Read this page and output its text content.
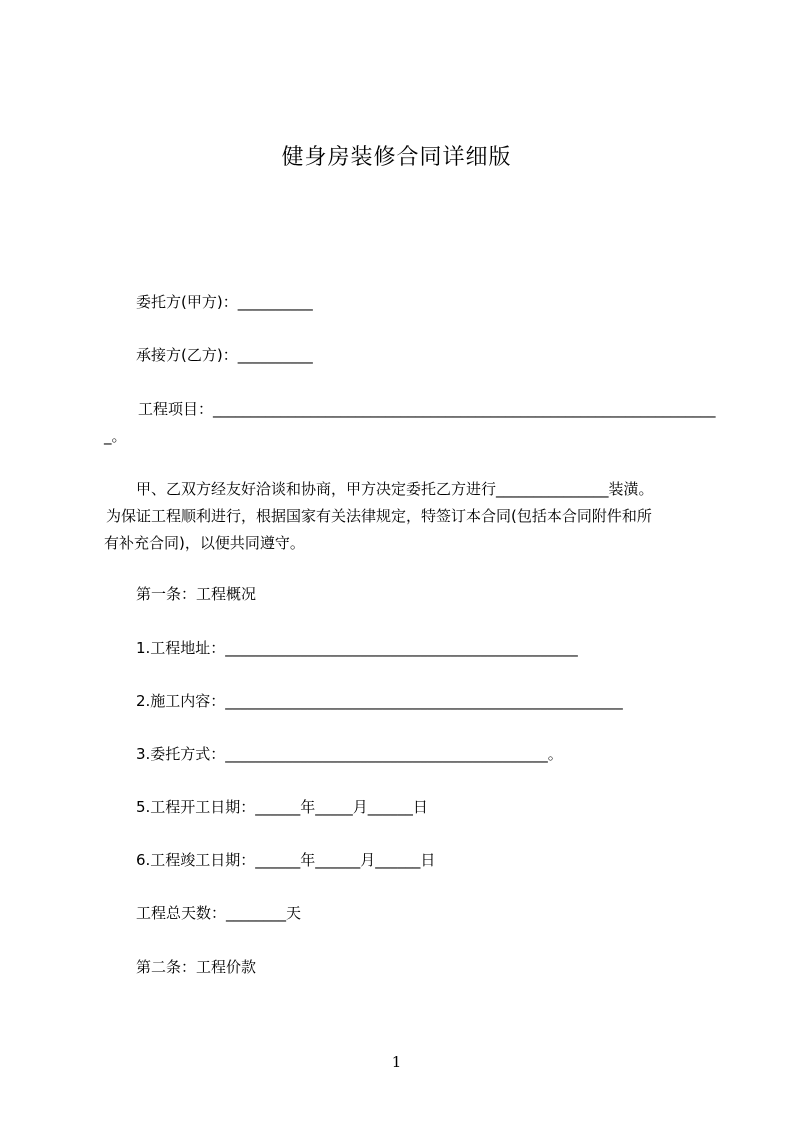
健身房装修合同详细版
委托方(甲方)：__________
承接方(乙方)：__________
工程项目：___________________________________________________________________
_。
甲、乙双方经友好洽谈和协商，甲方决定委托乙方进行_______________装潢。
为保证工程顺利进行，根据国家有关法律规定，特签订本合同(包括本合同附件和所
有补充合同)，以便共同遵守。
第一条：工程概况
1.工程地址：_______________________________________________
2.施工内容：_____________________________________________________
3.委托方式：___________________________________________。
5.工程开工日期：______年_____月______日
6.工程竣工日期：______年______月______日
工程总天数：________天
第二条：工程价款
1
